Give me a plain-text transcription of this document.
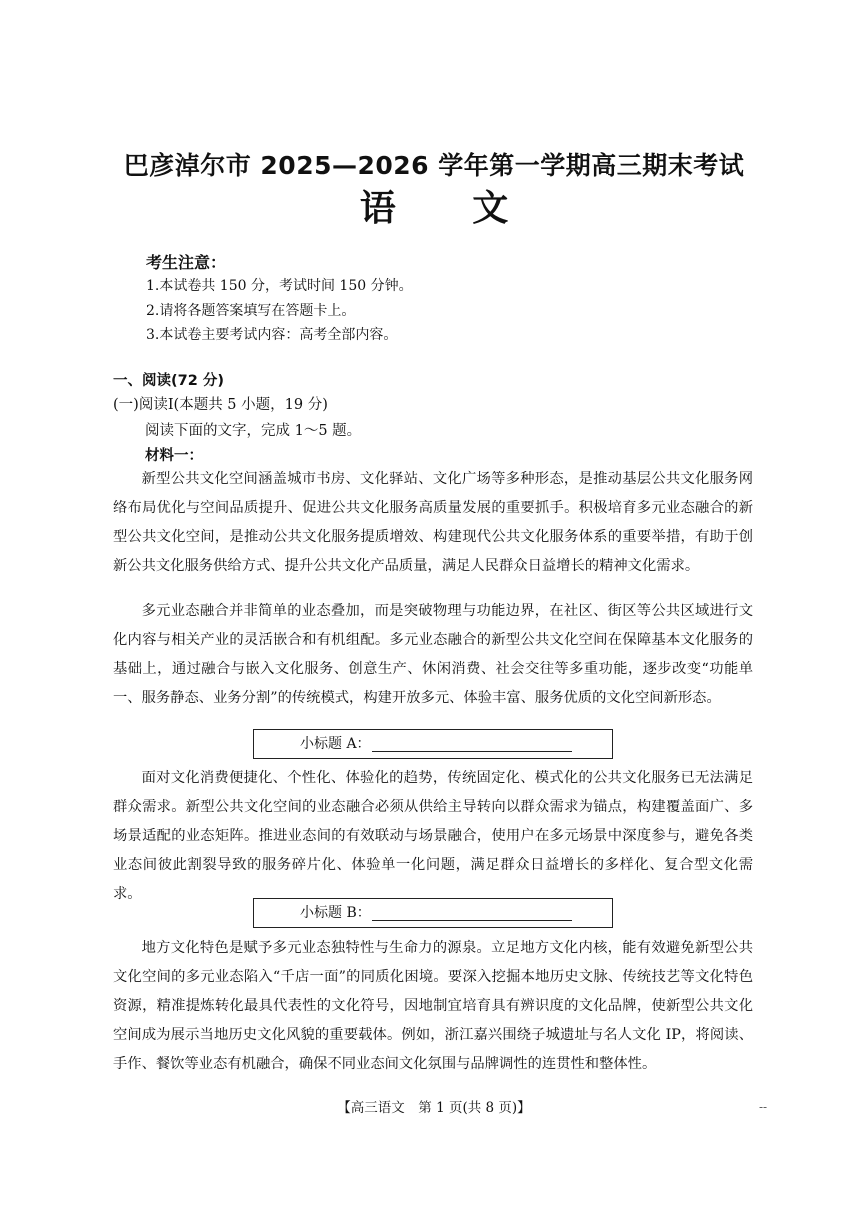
巴彦淖尔市 2025—2026 学年第一学期高三期末考试
语 文
考生注意：
1.本试卷共 150 分，考试时间 150 分钟。
2.请将各题答案填写在答题卡上。
3.本试卷主要考试内容：高考全部内容。
一、阅读(72 分)
(一)阅读Ⅰ(本题共 5 小题，19 分)
阅读下面的文字，完成 1～5 题。
材料一：

新型公共文化空间涵盖城市书房、文化驿站、文化广场等多种形态，是推动基层公共文化服务网络布局优化与空间品质提升、促进公共文化服务高质量发展的重要抓手。积极培育多元业态融合的新型公共文化空间，是推动公共文化服务提质增效、构建现代公共文化服务体系的重要举措，有助于创新公共文化服务供给方式、提升公共文化产品质量，满足人民群众日益增长的精神文化需求。

多元业态融合并非简单的业态叠加，而是突破物理与功能边界，在社区、街区等公共区域进行文化内容与相关产业的灵活嵌合和有机组配。多元业态融合的新型公共文化空间在保障基本文化服务的基础上，通过融合与嵌入文化服务、创意生产、休闲消费、社会交往等多重功能，逐步改变“功能单一、服务静态、业务分割”的传统模式，构建开放多元、体验丰富、服务优质的文化空间新形态。

小标题 A：

面对文化消费便捷化、个性化、体验化的趋势，传统固定化、模式化的公共文化服务已无法满足群众需求。新型公共文化空间的业态融合必须从供给主导转向以群众需求为锚点，构建覆盖面广、多场景适配的业态矩阵。推进业态间的有效联动与场景融合，使用户在多元场景中深度参与，避免各类业态间彼此割裂导致的服务碎片化、体验单一化问题，满足群众日益增长的多样化、复合型文化需求。

小标题 B：

地方文化特色是赋予多元业态独特性与生命力的源泉。立足地方文化内核，能有效避免新型公共文化空间的多元业态陷入“千店一面”的同质化困境。要深入挖掘本地历史文脉、传统技艺等文化特色资源，精准提炼转化最具代表性的文化符号，因地制宜培育具有辨识度的文化品牌，使新型公共文化空间成为展示当地历史文化风貌的重要载体。例如，浙江嘉兴围绕子城遗址与名人文化 IP，将阅读、手作、餐饮等业态有机融合，确保不同业态间文化氛围与品牌调性的连贯性和整体性。

【高三语文　第 1 页(共 8 页)】	--
